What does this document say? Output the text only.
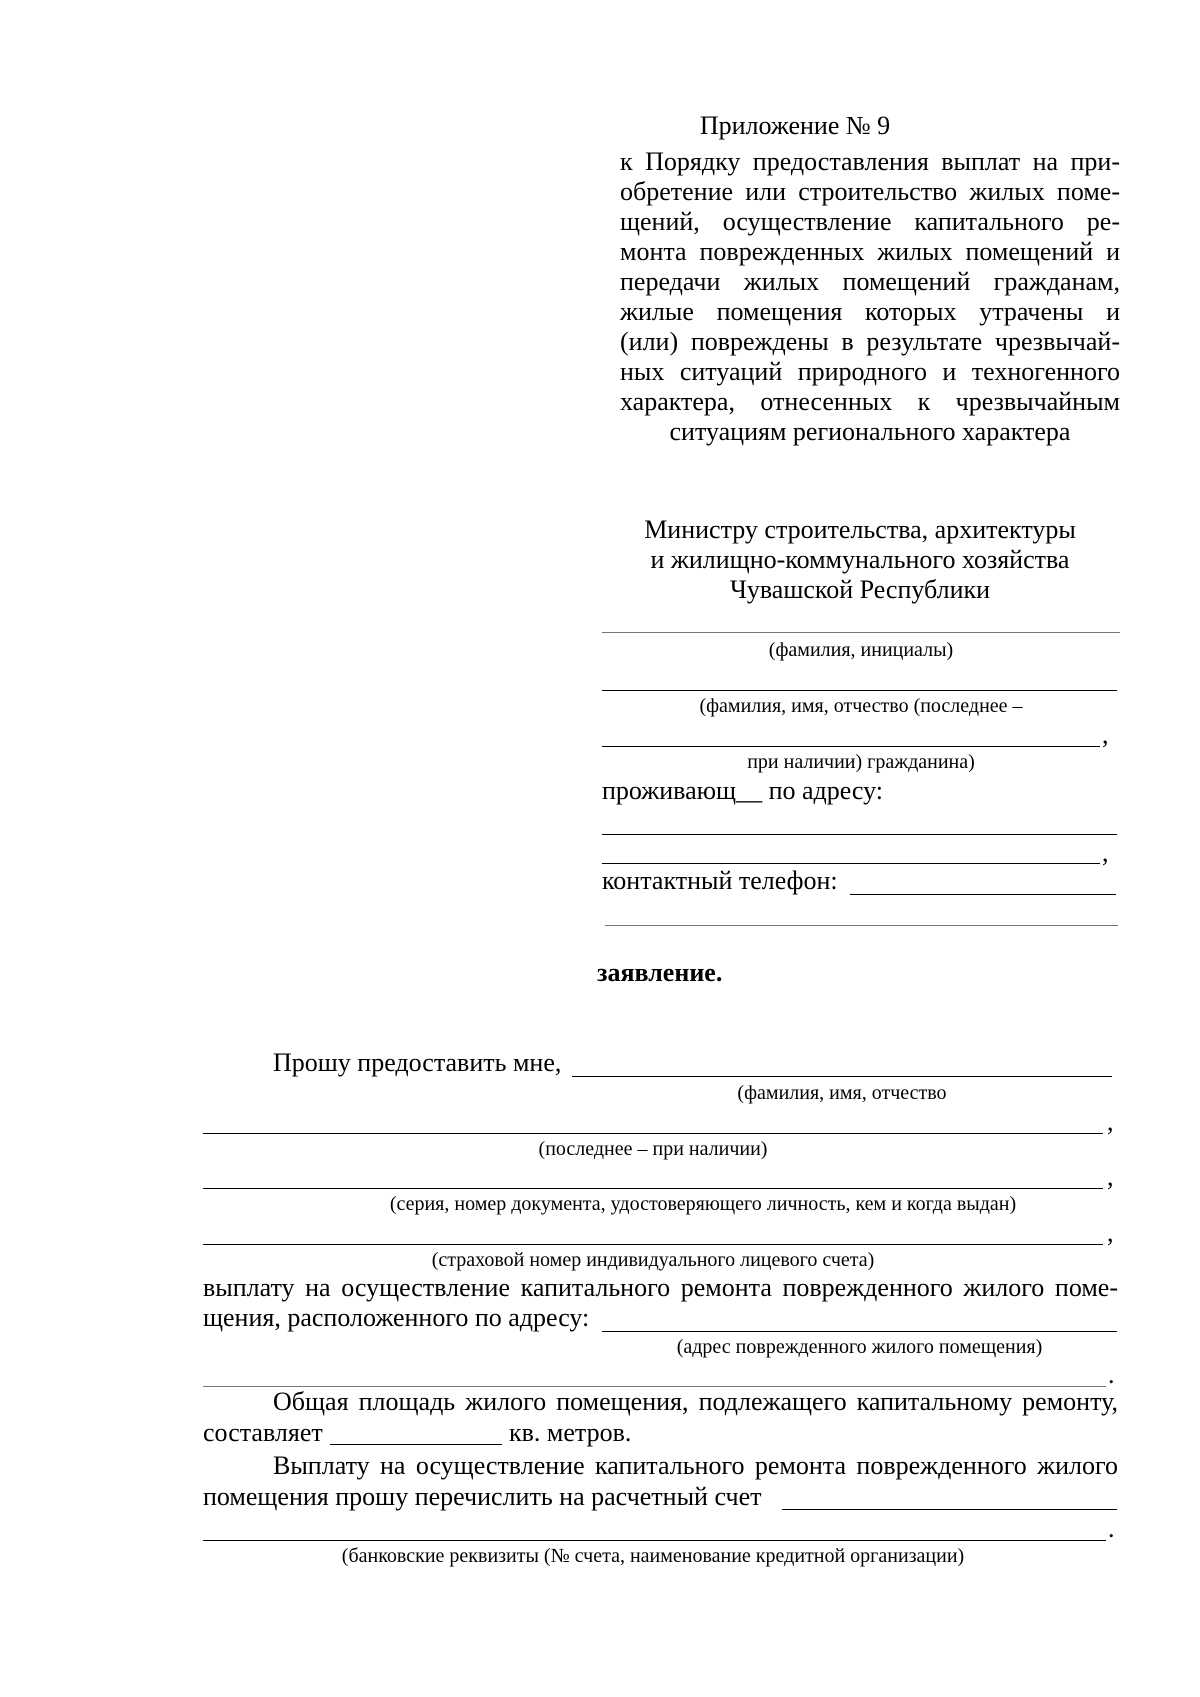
Приложение № 9
к Порядку предоставления выплат на при-
обретение или строительство жилых поме-
щений, осуществление капитального ре-
монта поврежденных жилых помещений и
передачи жилых помещений гражданам,
жилые помещения которых утрачены и
(или) повреждены в результате чрезвычай-
ных ситуаций природного и техногенного
характера, отнесенных к чрезвычайным
ситуациям регионального характера
Министру строительства, архитектуры
и жилищно-коммунального хозяйства
Чувашской Республики
(фамилия, инициалы)
(фамилия, имя, отчество (последнее –
,
при наличии) гражданина)
проживающ__ по адресу:
,
контактный телефон:
заявление.
Прошу предоставить мне,
(фамилия, имя, отчество
,
(последнее – при наличии)
,
(серия, номер документа, удостоверяющего личность, кем и когда выдан)
,
(страховой номер индивидуального лицевого счета)
выплату на осуществление капитального ремонта поврежденного жилого поме-
щения, расположенного по адресу:
(адрес поврежденного жилого помещения)
.
Общая площадь жилого помещения, подлежащего капитальному ремонту,
составляет	кв. метров.
Выплату на осуществление капитального ремонта поврежденного жилого
помещения прошу перечислить на расчетный счет
.
(банковские реквизиты (№ счета, наименование кредитной организации)
